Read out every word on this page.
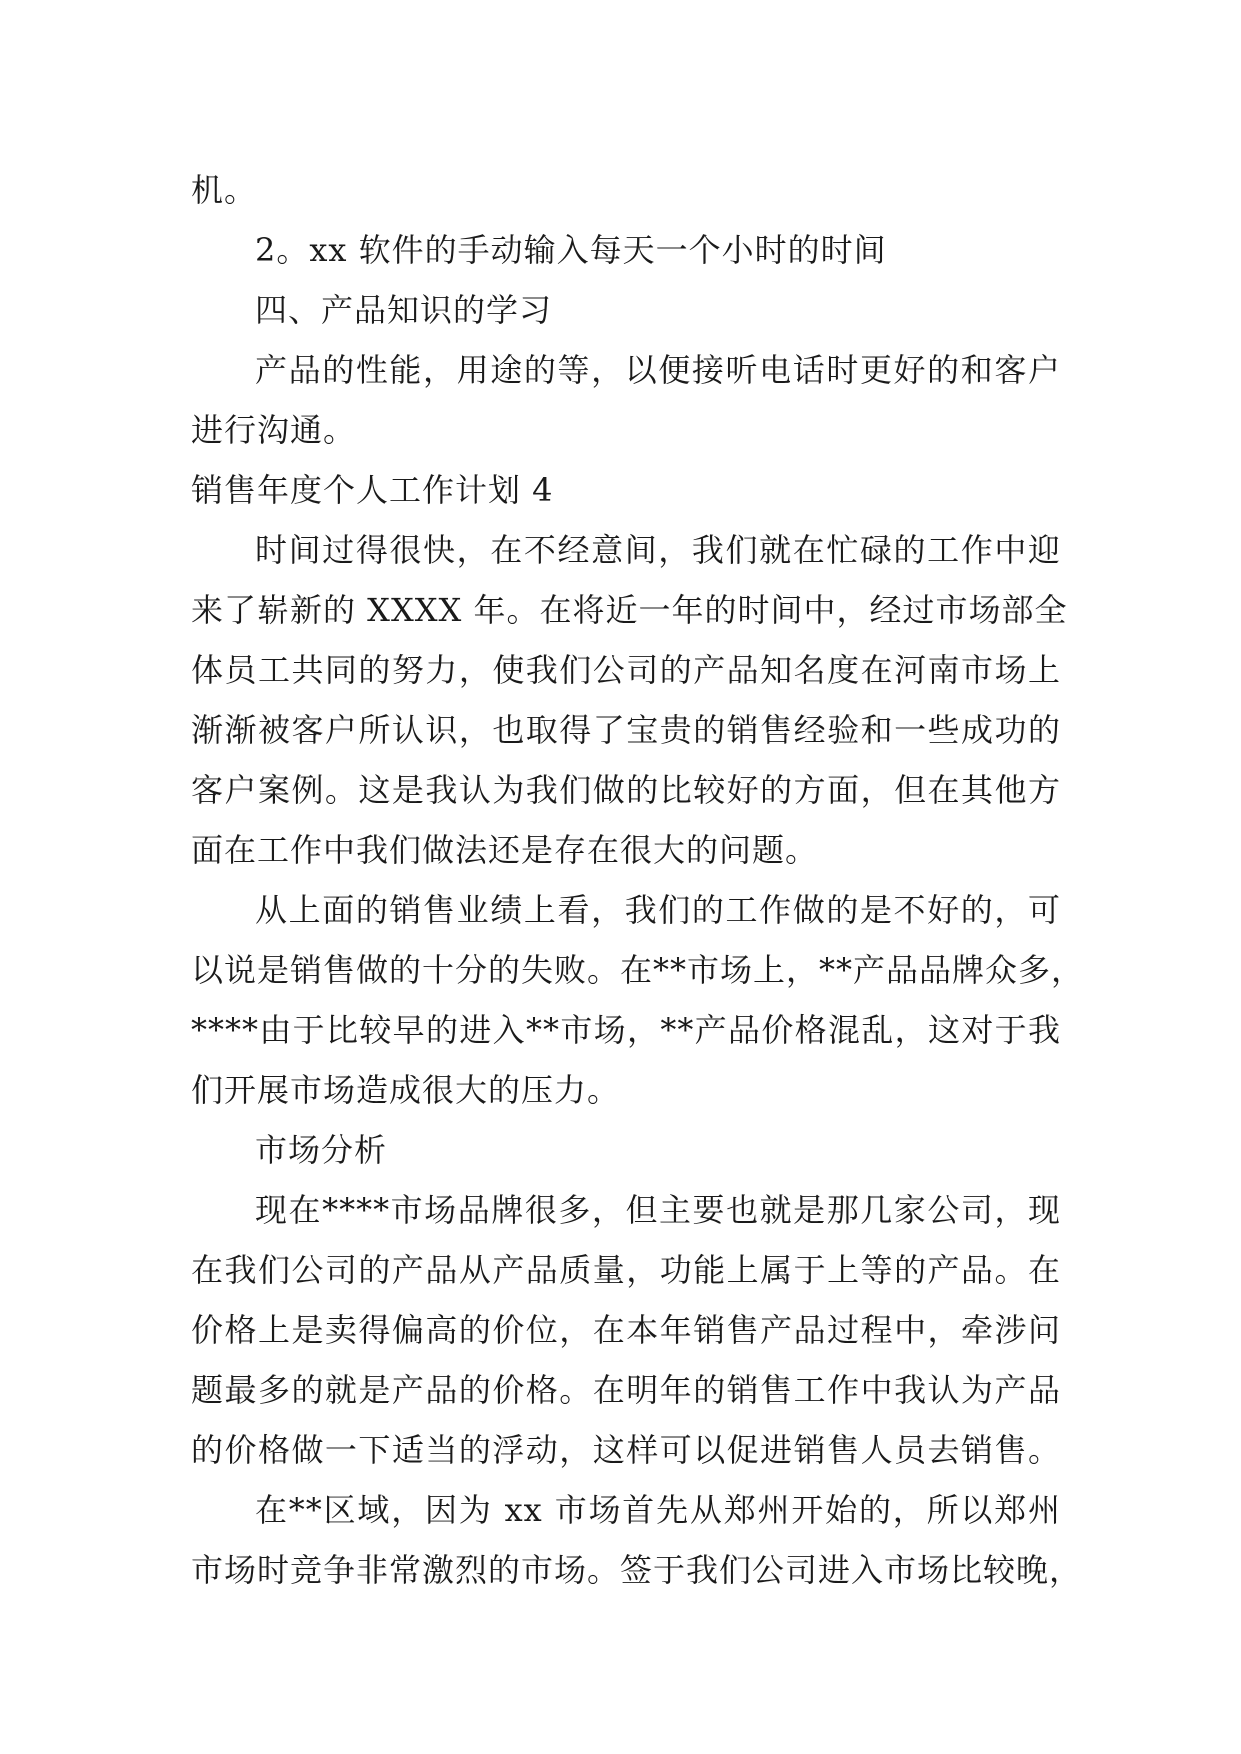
机。
2。xx 软件的手动输入每天一个小时的时间
四、产品知识的学习
产品的性能，用途的等，以便接听电话时更好的和客户
进行沟通。
销售年度个人工作计划 4
时间过得很快，在不经意间，我们就在忙碌的工作中迎
来了崭新的 XXXX 年。在将近一年的时间中，经过市场部全
体员工共同的努力，使我们公司的产品知名度在河南市场上
渐渐被客户所认识，也取得了宝贵的销售经验和一些成功的
客户案例。这是我认为我们做的比较好的方面，但在其他方
面在工作中我们做法还是存在很大的问题。
从上面的销售业绩上看，我们的工作做的是不好的，可
以说是销售做的十分的失败。在**市场上，**产品品牌众多，
****由于比较早的进入**市场，**产品价格混乱，这对于我
们开展市场造成很大的压力。
市场分析
现在****市场品牌很多，但主要也就是那几家公司，现
在我们公司的产品从产品质量，功能上属于上等的产品。在
价格上是卖得偏高的价位，在本年销售产品过程中，牵涉问
题最多的就是产品的价格。在明年的销售工作中我认为产品
的价格做一下适当的浮动，这样可以促进销售人员去销售。
在**区域，因为 xx 市场首先从郑州开始的，所以郑州
市场时竞争非常激烈的市场。签于我们公司进入市场比较晚，
